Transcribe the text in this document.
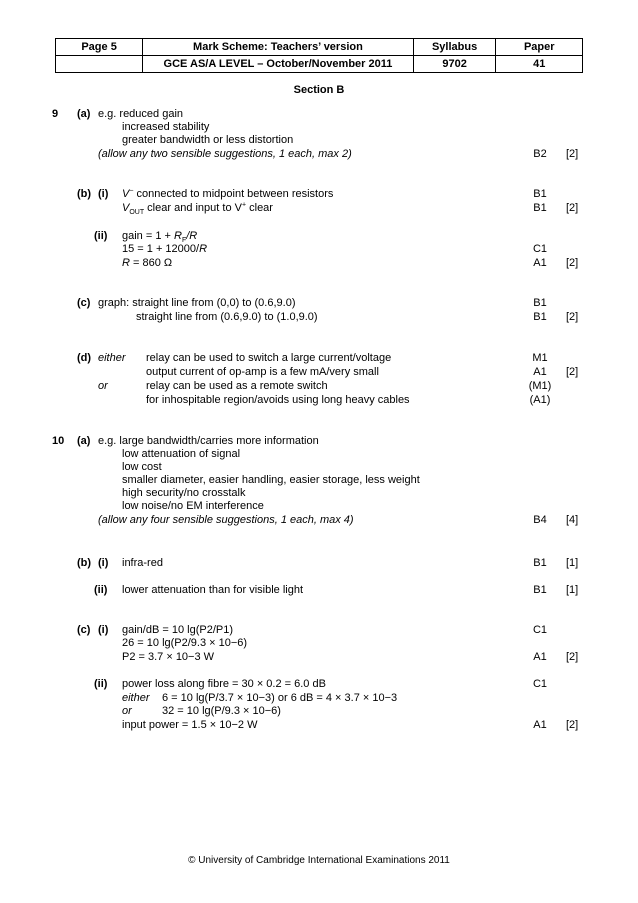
Page 5	Mark Scheme: Teachers’ version	Syllabus	Paper
	GCE AS/A LEVEL – October/November 2011	9702	41
Section B
9 (a) e.g. reduced gain
increased stability
greater bandwidth or less distortion
(allow any two sensible suggestions, 1 each, max 2)	B2	[2]
(b) (i) V− connected to midpoint between resistors	B1
$V_{OUT}$ clear and input to V+ clear	B1	[2]
(ii) gain = $1 + R_F/R$
15 = 1 + 12000/R	C1
R = 860 Ω	A1	[2]
(c) graph: straight line from (0,0) to (0.6,9.0)	B1
straight line from (0.6,9.0) to (1.0,9.0)	B1	[2]
(d) either relay can be used to switch a large current/voltage	M1
output current of op-amp is a few mA/very small	A1	[2]
or	relay can be used as a remote switch	(M1)
for inhospitable region/avoids using long heavy cables	(A1)
10 (a) e.g. large bandwidth/carries more information
low attenuation of signal
low cost
smaller diameter, easier handling, easier storage, less weight
high security/no crosstalk
low noise/no EM interference
(allow any four sensible suggestions, 1 each, max 4)	B4	[4]
(b) (i) infra-red	B1	[1]
(ii) lower attenuation than for visible light	B1	[1]
(c) (i) gain/dB = 10 lg(P2/P1)	C1
26 = 10 lg(P2/9.3 × 10−6)
P2 = 3.7 × 10−3 W	A1	[2]
(ii) power loss along fibre = 30 × 0.2 = 6.0 dB	C1
either 6 = 10 lg(P/3.7 × 10−3) or 6 dB = 4 × 3.7 × 10−3
or	32 = 10 lg(P/9.3 × 10−6)
input power = 1.5 × 10−2 W	A1	[2]
© University of Cambridge International Examinations 2011
